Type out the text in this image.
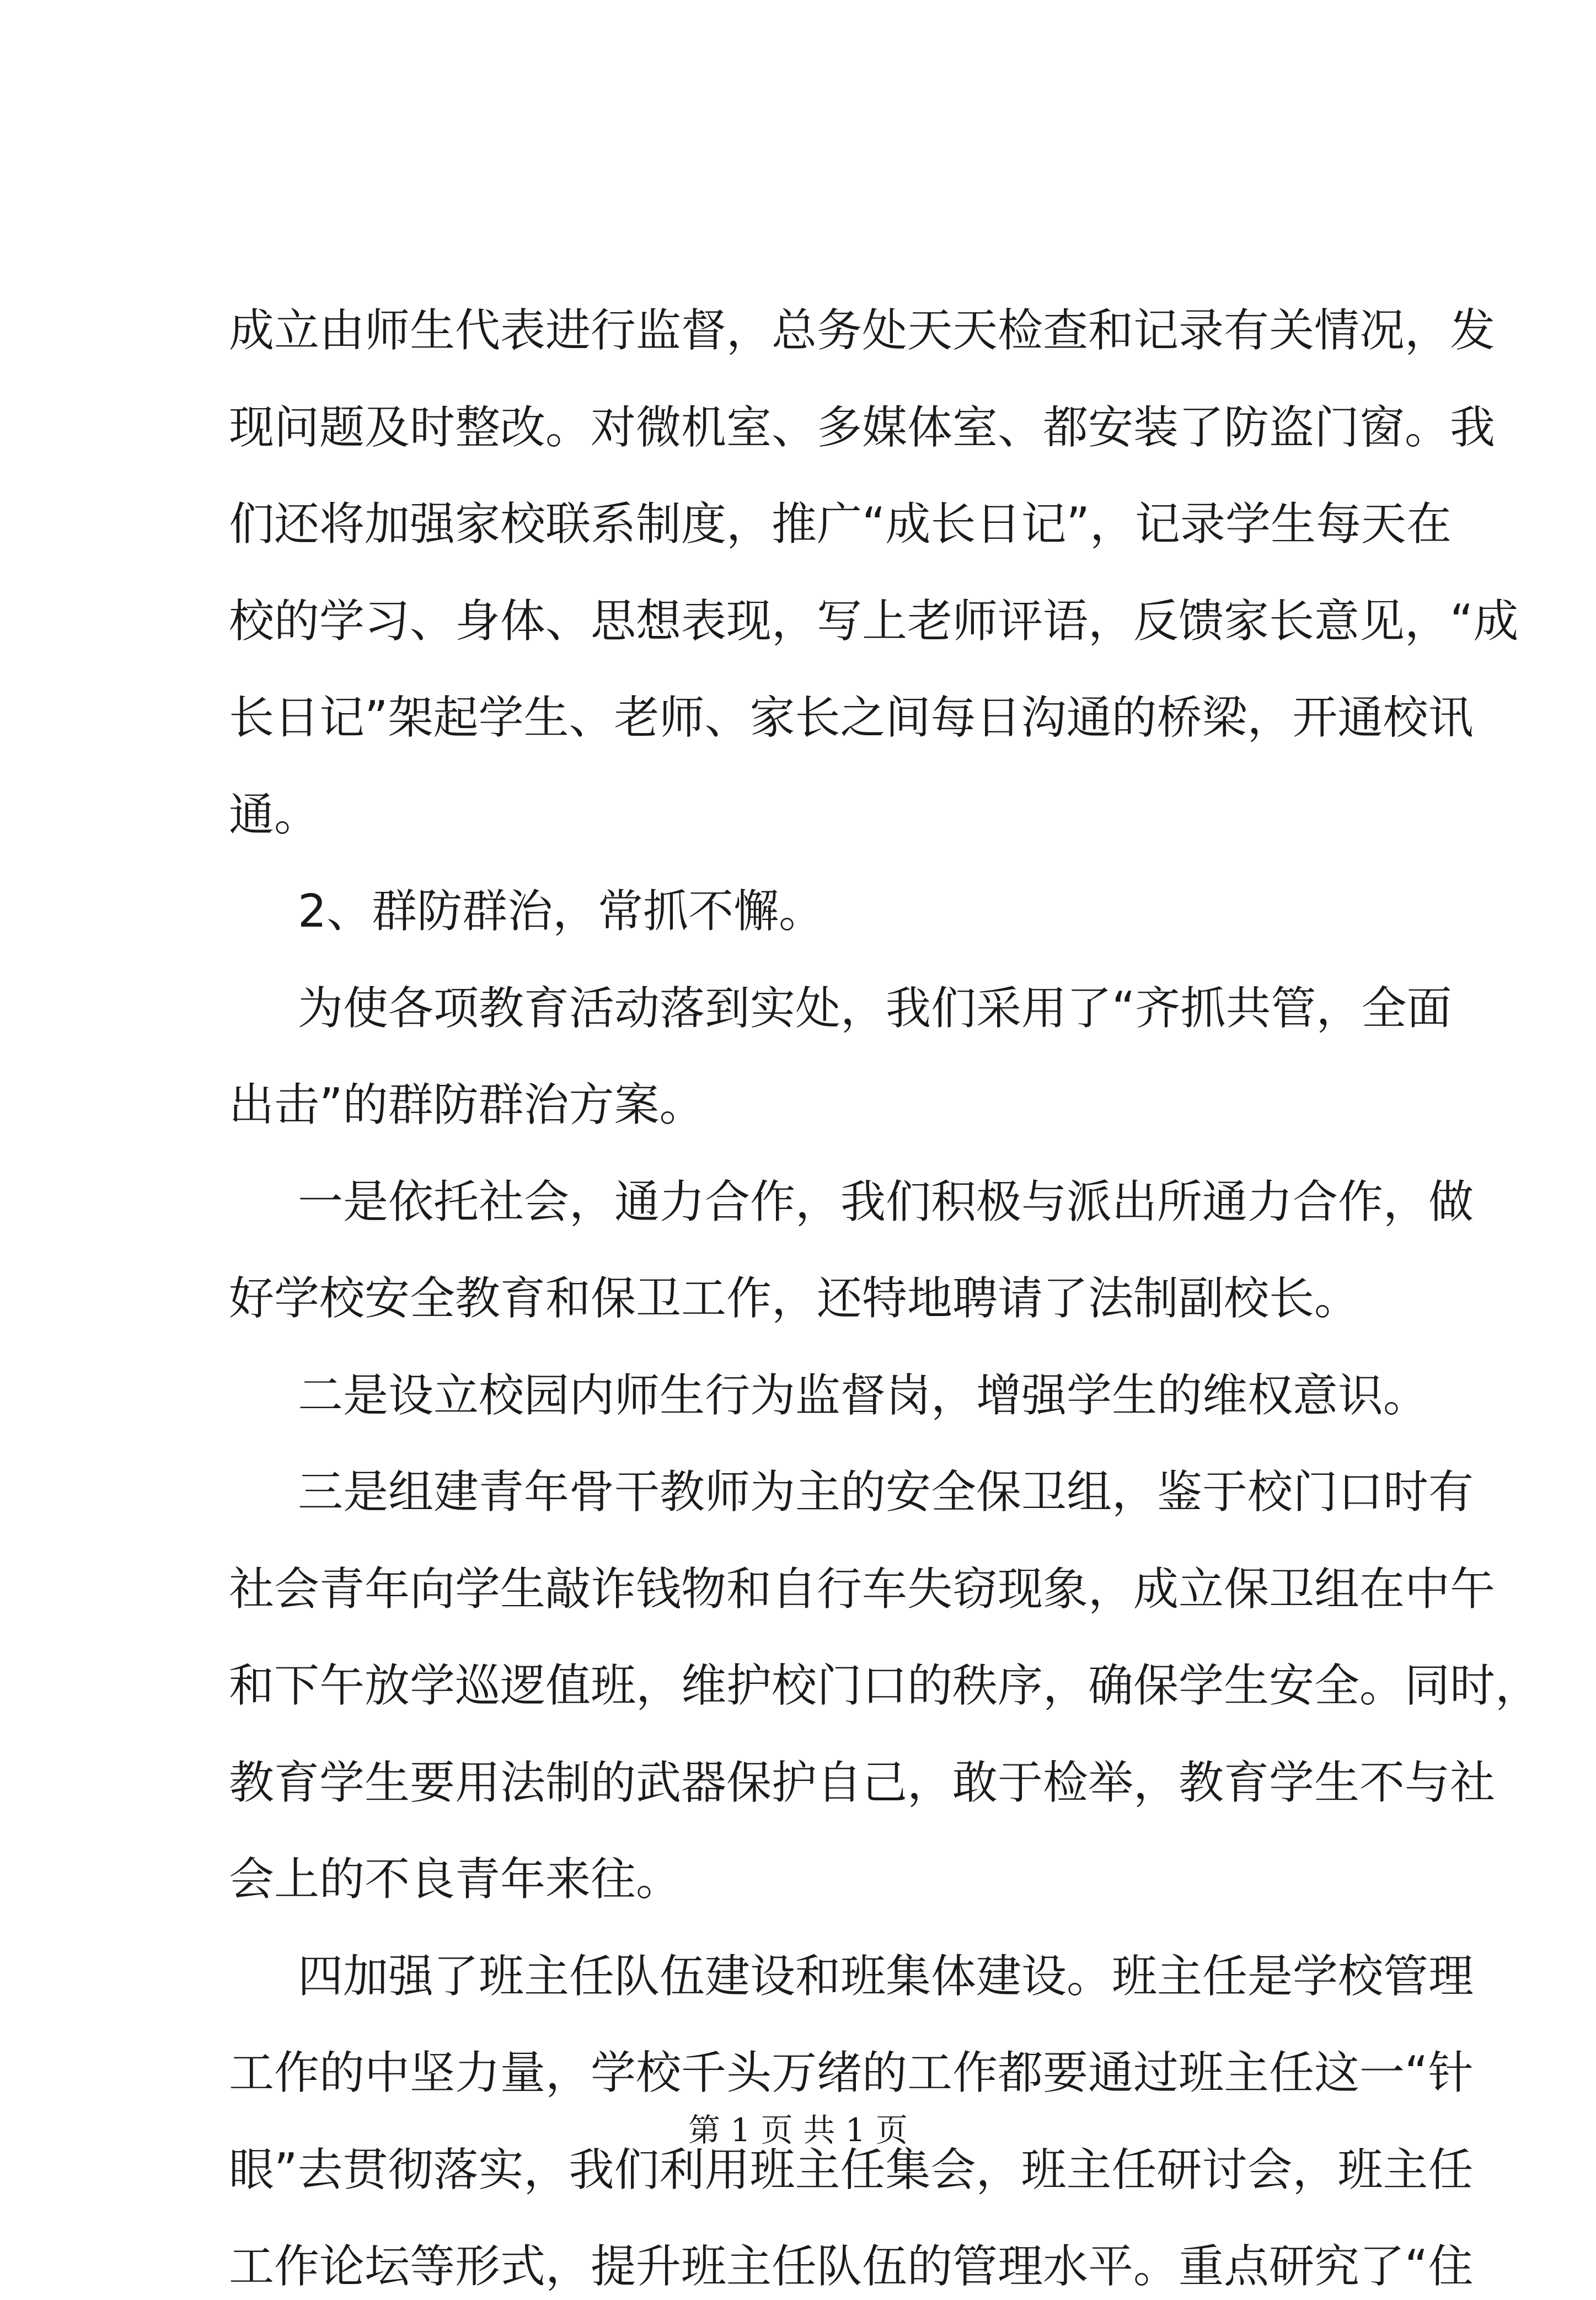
成立由师生代表进行监督，总务处天天检查和记录有关情况，发
现问题及时整改。对微机室、多媒体室、都安装了防盗门窗。我
们还将加强家校联系制度，推广“成长日记”，记录学生每天在
校的学习、身体、思想表现，写上老师评语，反馈家长意见，“成
长日记”架起学生、老师、家长之间每日沟通的桥梁，开通校讯
通。
2、群防群治，常抓不懈。
为使各项教育活动落到实处，我们采用了“齐抓共管，全面
出击”的群防群治方案。
一是依托社会，通力合作，我们积极与派出所通力合作，做
好学校安全教育和保卫工作，还特地聘请了法制副校长。
二是设立校园内师生行为监督岗，增强学生的维权意识。
三是组建青年骨干教师为主的安全保卫组，鉴于校门口时有
社会青年向学生敲诈钱物和自行车失窃现象，成立保卫组在中午
和下午放学巡逻值班，维护校门口的秩序，确保学生安全。同时，
教育学生要用法制的武器保护自己，敢于检举，教育学生不与社
会上的不良青年来往。
四加强了班主任队伍建设和班集体建设。班主任是学校管理
工作的中坚力量，学校千头万绪的工作都要通过班主任这一“针
眼”去贯彻落实，我们利用班主任集会，班主任研讨会，班主任
工作论坛等形式，提升班主任队伍的管理水平。重点研究了“住
第 1 页 共 1 页
